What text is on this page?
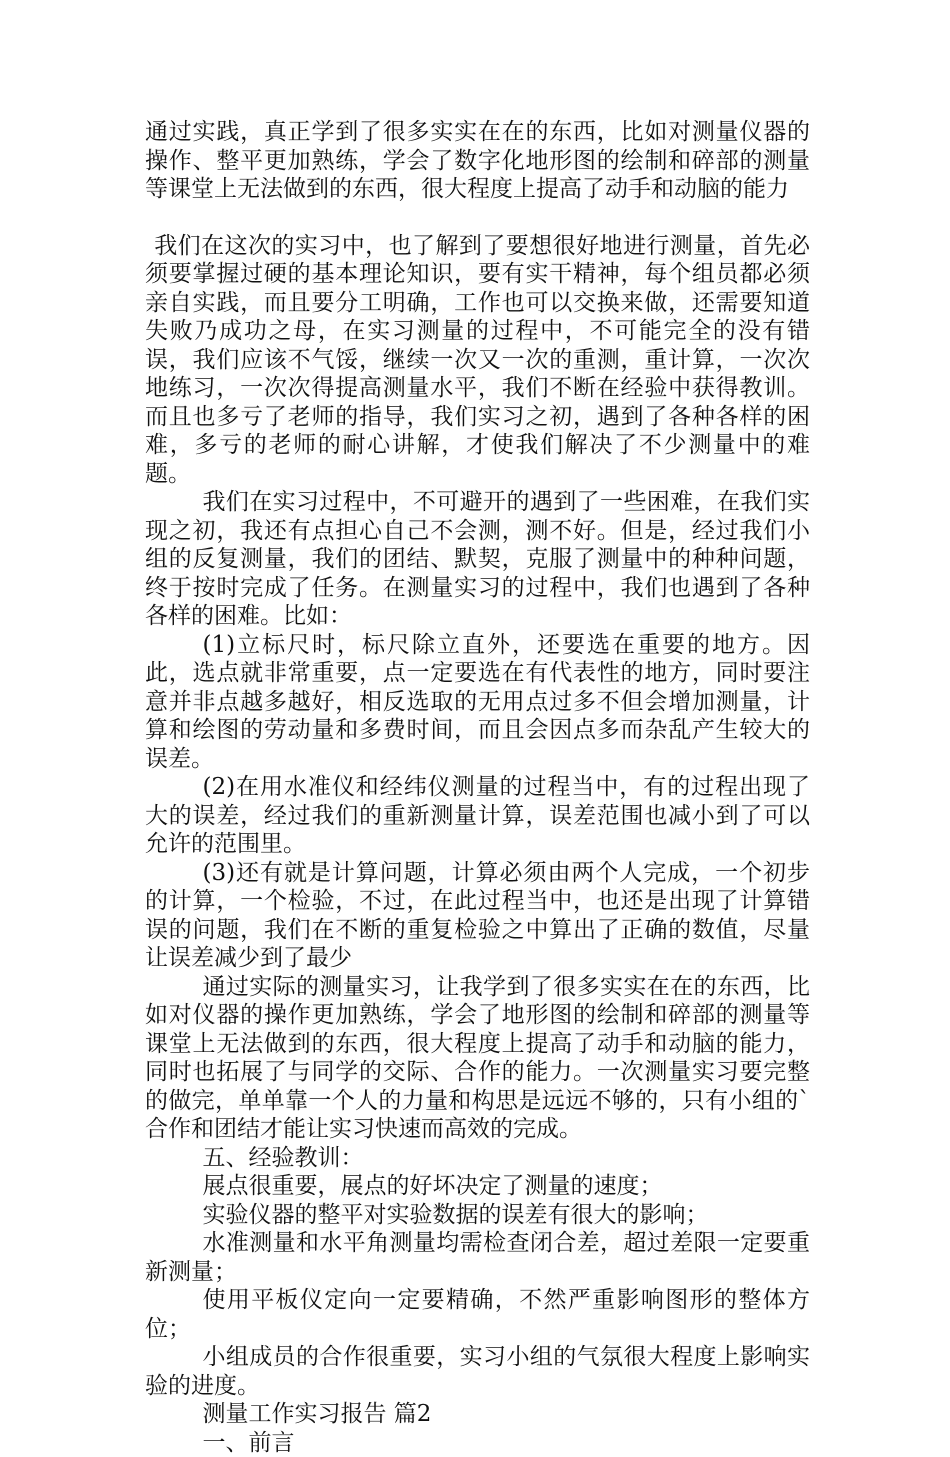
通过实践，真正学到了很多实实在在的东西，比如对测量仪器的操作、整平更加熟练，学会了数字化地形图的绘制和碎部的测量等课堂上无法做到的东西，很大程度上提高了动手和动脑的能力

我们在这次的实习中，也了解到了要想很好地进行测量，首先必须要掌握过硬的基本理论知识，要有实干精神，每个组员都必须亲自实践，而且要分工明确，工作也可以交换来做，还需要知道失败乃成功之母，在实习测量的过程中，不可能完全的没有错误，我们应该不气馁，继续一次又一次的重测，重计算，一次次地练习，一次次得提高测量水平，我们不断在经验中获得教训。而且也多亏了老师的指导，我们实习之初，遇到了各种各样的困难，多亏的老师的耐心讲解，才使我们解决了不少测量中的难题。

我们在实习过程中，不可避开的遇到了一些困难，在我们实现之初，我还有点担心自己不会测，测不好。但是，经过我们小组的反复测量，我们的团结、默契，克服了测量中的种种问题，终于按时完成了任务。在测量实习的过程中，我们也遇到了各种各样的困难。比如：

(1)立标尺时，标尺除立直外，还要选在重要的地方。因此，选点就非常重要，点一定要选在有代表性的地方，同时要注意并非点越多越好，相反选取的无用点过多不但会增加测量，计算和绘图的劳动量和多费时间，而且会因点多而杂乱产生较大的误差。

(2)在用水准仪和经纬仪测量的过程当中，有的过程出现了大的误差，经过我们的重新测量计算，误差范围也减小到了可以允许的范围里。

(3)还有就是计算问题，计算必须由两个人完成，一个初步的计算，一个检验，不过，在此过程当中，也还是出现了计算错误的问题，我们在不断的重复检验之中算出了正确的数值，尽量让误差减少到了最少

通过实际的测量实习，让我学到了很多实实在在的东西，比如对仪器的操作更加熟练，学会了地形图的绘制和碎部的测量等课堂上无法做到的东西，很大程度上提高了动手和动脑的能力，同时也拓展了与同学的交际、合作的能力。一次测量实习要完整的做完，单单靠一个人的力量和构思是远远不够的，只有小组的`合作和团结才能让实习快速而高效的完成。

五、经验教训：

展点很重要，展点的好坏决定了测量的速度；

实验仪器的整平对实验数据的误差有很大的影响；

水准测量和水平角测量均需检查闭合差，超过差限一定要重新测量；

使用平板仪定向一定要精确，不然严重影响图形的整体方位；

小组成员的合作很重要，实习小组的气氛很大程度上影响实验的进度。

测量工作实习报告 篇2

一、前言
